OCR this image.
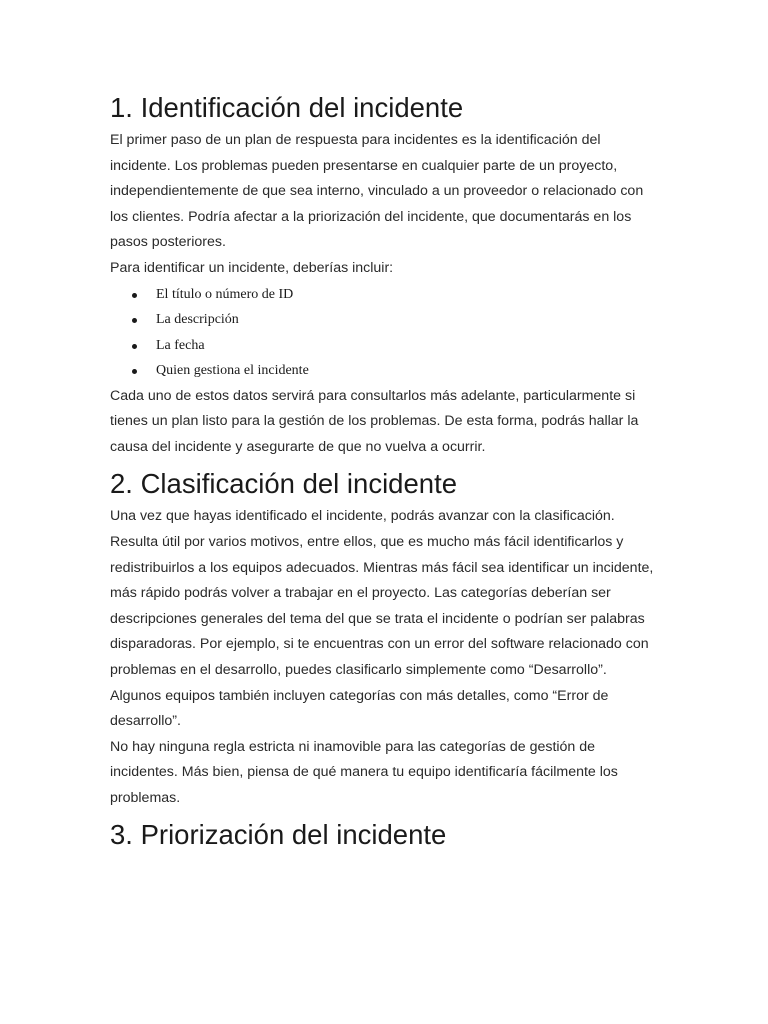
1. Identificación del incidente

El primer paso de un plan de respuesta para incidentes es la identificación del incidente. Los problemas pueden presentarse en cualquier parte de un proyecto, independientemente de que sea interno, vinculado a un proveedor o relacionado con los clientes. Podría afectar a la priorización del incidente, que documentarás en los pasos posteriores.

Para identificar un incidente, deberías incluir:

El título o número de ID
La descripción
La fecha
Quien gestiona el incidente

Cada uno de estos datos servirá para consultarlos más adelante, particularmente si tienes un plan listo para la gestión de los problemas. De esta forma, podrás hallar la causa del incidente y asegurarte de que no vuelva a ocurrir.

2. Clasificación del incidente

Una vez que hayas identificado el incidente, podrás avanzar con la clasificación. Resulta útil por varios motivos, entre ellos, que es mucho más fácil identificarlos y redistribuirlos a los equipos adecuados. Mientras más fácil sea identificar un incidente, más rápido podrás volver a trabajar en el proyecto. Las categorías deberían ser descripciones generales del tema del que se trata el incidente o podrían ser palabras disparadoras. Por ejemplo, si te encuentras con un error del software relacionado con problemas en el desarrollo, puedes clasificarlo simplemente como “Desarrollo”. Algunos equipos también incluyen categorías con más detalles, como “Error de desarrollo”.

No hay ninguna regla estricta ni inamovible para las categorías de gestión de incidentes. Más bien, piensa de qué manera tu equipo identificaría fácilmente los problemas.

3. Priorización del incidente
